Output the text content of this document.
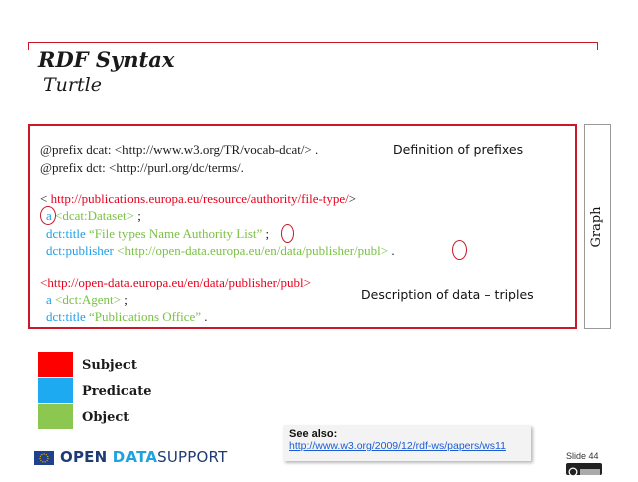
RDF Syntax
Turtle
@prefix dcat: <http://www.w3.org/TR/vocab-dcat/> .
@prefix dct: <http://purl.org/dc/terms/.
< http://publications.europa.eu/resource/authority/file-type/>
a <dcat:Dataset> ;
dct:title “File types Name Authority List” ;
dct:publisher <http://open-data.europa.eu/en/data/publisher/publ> .
<http://open-data.europa.eu/en/data/publisher/publ>
a <dct:Agent> ;
dct:title “Publications Office” .
Definition of prefixes
Description of data – triples
Graph
Subject
Predicate
Object
OPEN DATASUPPORT
See also:
http://www.w3.org/2009/12/rdf-ws/papers/ws11
Slide 44
